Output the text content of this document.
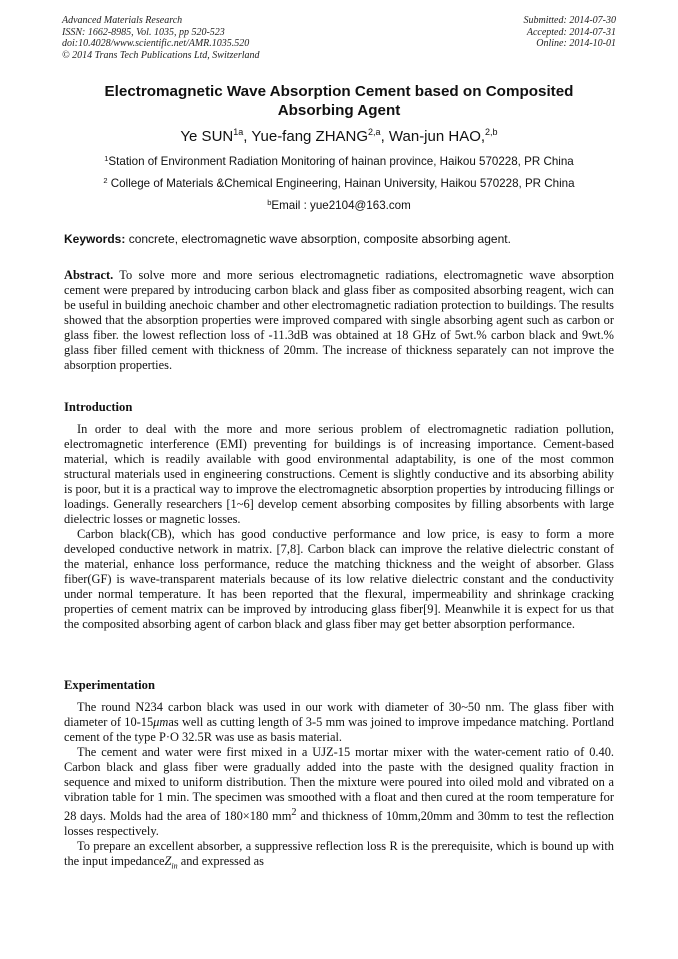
Advanced Materials Research
ISSN: 1662-8985, Vol. 1035, pp 520-523
doi:10.4028/www.scientific.net/AMR.1035.520
© 2014 Trans Tech Publications Ltd, Switzerland
Submitted: 2014-07-30
Accepted: 2014-07-31
Online: 2014-10-01
Electromagnetic Wave Absorption Cement based on Composited
Absorbing Agent
Ye $SUN^{1a}$, Yue-fang ZHANG$^{2,a}$, Wan-jun HAO,$^{2,b}$
$^1$Station of Environment Radiation Monitoring of hainan province, Haikou 570228, PR China
$^2$ College of Materials &Chemical Engineering, Hainan University, Haikou 570228, PR China
$^b$Email : yue2104@163.com
Keywords: concrete, electromagnetic wave absorption, composite absorbing agent.
Abstract. To solve more and more serious electromagnetic radiations, electromagnetic wave absorption cement were prepared by introducing carbon black and glass fiber as composited absorbing reagent, wich can be useful in building anechoic chamber and other electromagnetic radiation protection to buildings. The results showed that the absorption properties were improved compared with single absorbing agent such as carbon or glass fiber. the lowest reflection loss of -11.3dB was obtained at 18 GHz of 5wt.% carbon black and 9wt.% glass fiber filled cement with thickness of 20mm. The increase of thickness separately can not improve the absorption properties.
Introduction

In order to deal with the more and more serious problem of electromagnetic radiation pollution, electromagnetic interference (EMI) preventing for buildings is of increasing importance. Cement-based material, which is readily available with good environmental adaptability, is one of the most common structural materials used in engineering constructions. Cement is slightly conductive and its absorbing ability is poor, but it is a practical way to improve the electromagnetic absorption properties by introducing fillings or loadings. Generally researchers [1~6] develop cement absorbing composites by filling absorbents with large dielectric losses or magnetic losses.

Carbon black(CB), which has good conductive performance and low price, is easy to form a more developed conductive network in matrix. [7,8]. Carbon black can improve the relative dielectric constant of the material, enhance loss performance, reduce the matching thickness and the weight of absorber. Glass fiber(GF) is wave-transparent materials because of its low relative dielectric constant and the conductivity under normal temperature. It has been reported that the flexural, impermeability and shrinkage cracking properties of cement matrix can be improved by introducing glass fiber[9]. Meanwhile it is expect for us that the composited absorbing agent of carbon black and glass fiber may get better absorption performance.

Experimentation

The round N234 carbon black was used in our work with diameter of 30~50 nm. The glass fiber with diameter of 10-15μmas well as cutting length of 3-5 mm was joined to improve impedance matching. Portland cement of the type P·O 32.5R was use as basis material.

The cement and water were first mixed in a UJZ-15 mortar mixer with the water-cement ratio of 0.40. Carbon black and glass fiber were gradually added into the paste with the designed quality fraction in sequence and mixed to uniform distribution. Then the mixture were poured into oiled mold and vibrated on a vibration table for 1 min. The specimen was smoothed with a float and then cured at the room temperature for 28 days. Molds had the area of 180×180 $mm^2$ and thickness of 10mm,20mm and 30mm to test the reflection losses respectively.

To prepare an excellent absorber, a suppressive reflection loss R is the prerequisite, which is bound up with the input impedanceZ$_{in}$ and expressed as
